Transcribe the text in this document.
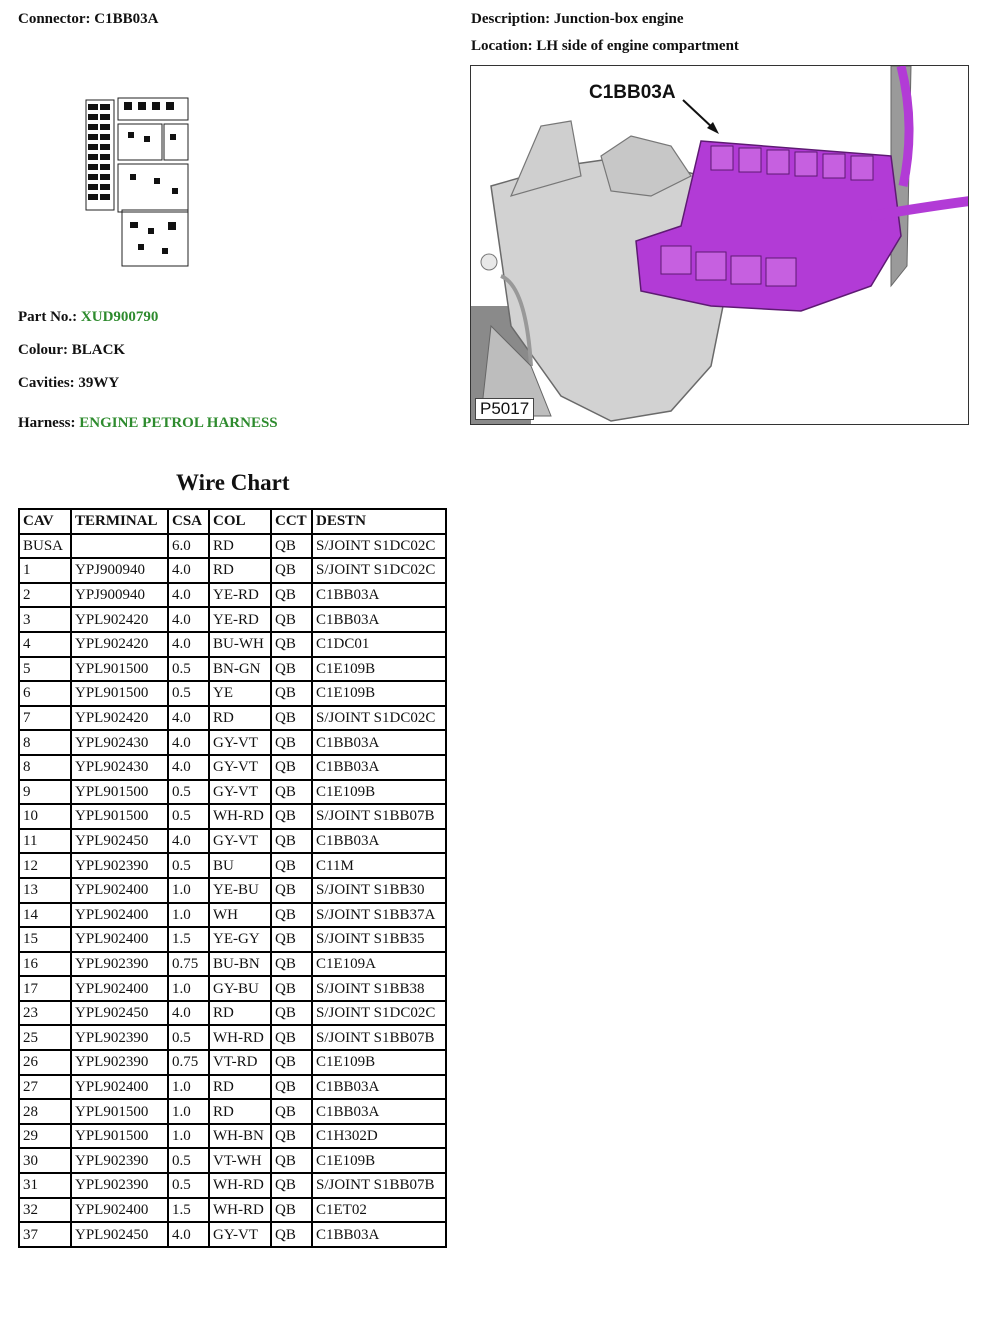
Connector: C1BB03A	Description: Junction-box engine
Location: LH side of engine compartment
Part No.: XUD900790
Colour: BLACK
Cavities: 39WY
Harness: ENGINE PETROL HARNESS
C1BB03A
P5017
Wire Chart
CAV	TERMINAL	CSA	COL	CCT	DESTN
BUSA		6.0	RD	QB	S/JOINT S1DC02C
1	YPJ900940	4.0	RD	QB	S/JOINT S1DC02C
2	YPJ900940	4.0	YE-RD	QB	C1BB03A
3	YPL902420	4.0	YE-RD	QB	C1BB03A
4	YPL902420	4.0	BU-WH	QB	C1DC01
5	YPL901500	0.5	BN-GN	QB	C1E109B
6	YPL901500	0.5	YE	QB	C1E109B
7	YPL902420	4.0	RD	QB	S/JOINT S1DC02C
8	YPL902430	4.0	GY-VT	QB	C1BB03A
8	YPL902430	4.0	GY-VT	QB	C1BB03A
9	YPL901500	0.5	GY-VT	QB	C1E109B
10	YPL901500	0.5	WH-RD	QB	S/JOINT S1BB07B
11	YPL902450	4.0	GY-VT	QB	C1BB03A
12	YPL902390	0.5	BU	QB	C11M
13	YPL902400	1.0	YE-BU	QB	S/JOINT S1BB30
14	YPL902400	1.0	WH	QB	S/JOINT S1BB37A
15	YPL902400	1.5	YE-GY	QB	S/JOINT S1BB35
16	YPL902390	0.75	BU-BN	QB	C1E109A
17	YPL902400	1.0	GY-BU	QB	S/JOINT S1BB38
23	YPL902450	4.0	RD	QB	S/JOINT S1DC02C
25	YPL902390	0.5	WH-RD	QB	S/JOINT S1BB07B
26	YPL902390	0.75	VT-RD	QB	C1E109B
27	YPL902400	1.0	RD	QB	C1BB03A
28	YPL901500	1.0	RD	QB	C1BB03A
29	YPL901500	1.0	WH-BN	QB	C1H302D
30	YPL902390	0.5	VT-WH	QB	C1E109B
31	YPL902390	0.5	WH-RD	QB	S/JOINT S1BB07B
32	YPL902400	1.5	WH-RD	QB	C1ET02
37	YPL902450	4.0	GY-VT	QB	C1BB03A
